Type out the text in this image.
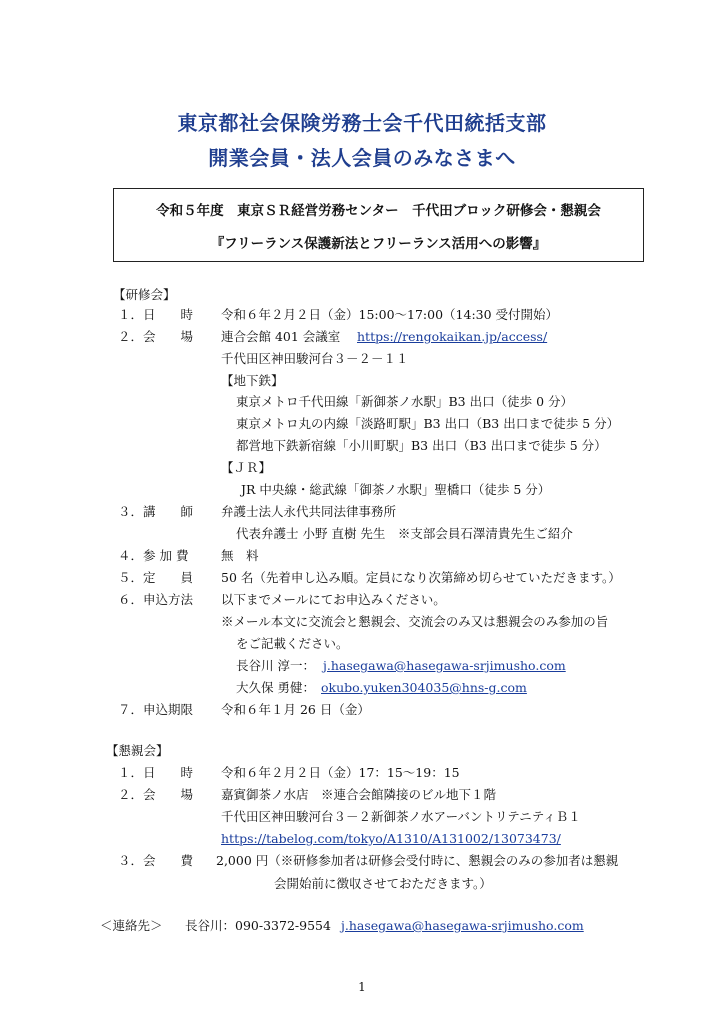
東京都社会保険労務士会千代田統括支部
開業会員・法人会員のみなさまへ
令和５年度　東京ＳＲ経営労務センター　千代田ブロック研修会・懇親会
『フリーランス保護新法とフリーランス活用への影響』
【研修会】
１．日　　時 令和６年２月２日（金）15:00～17:00（14:30 受付開始）
２．会　　場 連合会館 401 会議室 https://rengokaikan.jp/access/
千代田区神田駿河台３－２－１１
【地下鉄】
東京メトロ千代田線「新御茶ノ水駅」B3 出口（徒歩 0 分）
東京メトロ丸の内線「淡路町駅」B3 出口（B3 出口まで徒歩 5 分）
都営地下鉄新宿線「小川町駅」B3 出口（B3 出口まで徒歩 5 分）
【ＪＲ】
JR 中央線・総武線「御茶ノ水駅」聖橋口（徒歩 5 分）
３．講　　師 弁護士法人永代共同法律事務所
代表弁護士 小野 直樹 先生　※支部会員石澤清貴先生ご紹介
４．参 加 費	無　料
５．定　　員 50 名（先着申し込み順。定員になり次第締め切らせていただきます。）
６．申込方法 以下までメールにてお申込みください。
※メール本文に交流会と懇親会、交流会のみ又は懇親会のみ参加の旨
をご記載ください。
長谷川 淳一： j.hasegawa@hasegawa-srjimusho.com
大久保 勇健： okubo.yuken304035@hns-g.com
７．申込期限 令和６年１月 26 日（金）
【懇親会】
１．日　　時 令和６年２月２日（金）17：15～19：15
２．会　　場 嘉賓御茶ノ水店　※連合会館隣接のビル地下１階
千代田区神田駿河台３－２新御茶ノ水アーバントリテニティＢ１
https://tabelog.com/tokyo/A1310/A131002/13073473/
３．会　　費 2,000 円（※研修参加者は研修会受付時に、懇親会のみの参加者は懇親
会開始前に徴収させておただきます。）
＜連絡先＞ 長谷川：090-3372-9554 j.hasegawa@hasegawa-srjimusho.com
1
